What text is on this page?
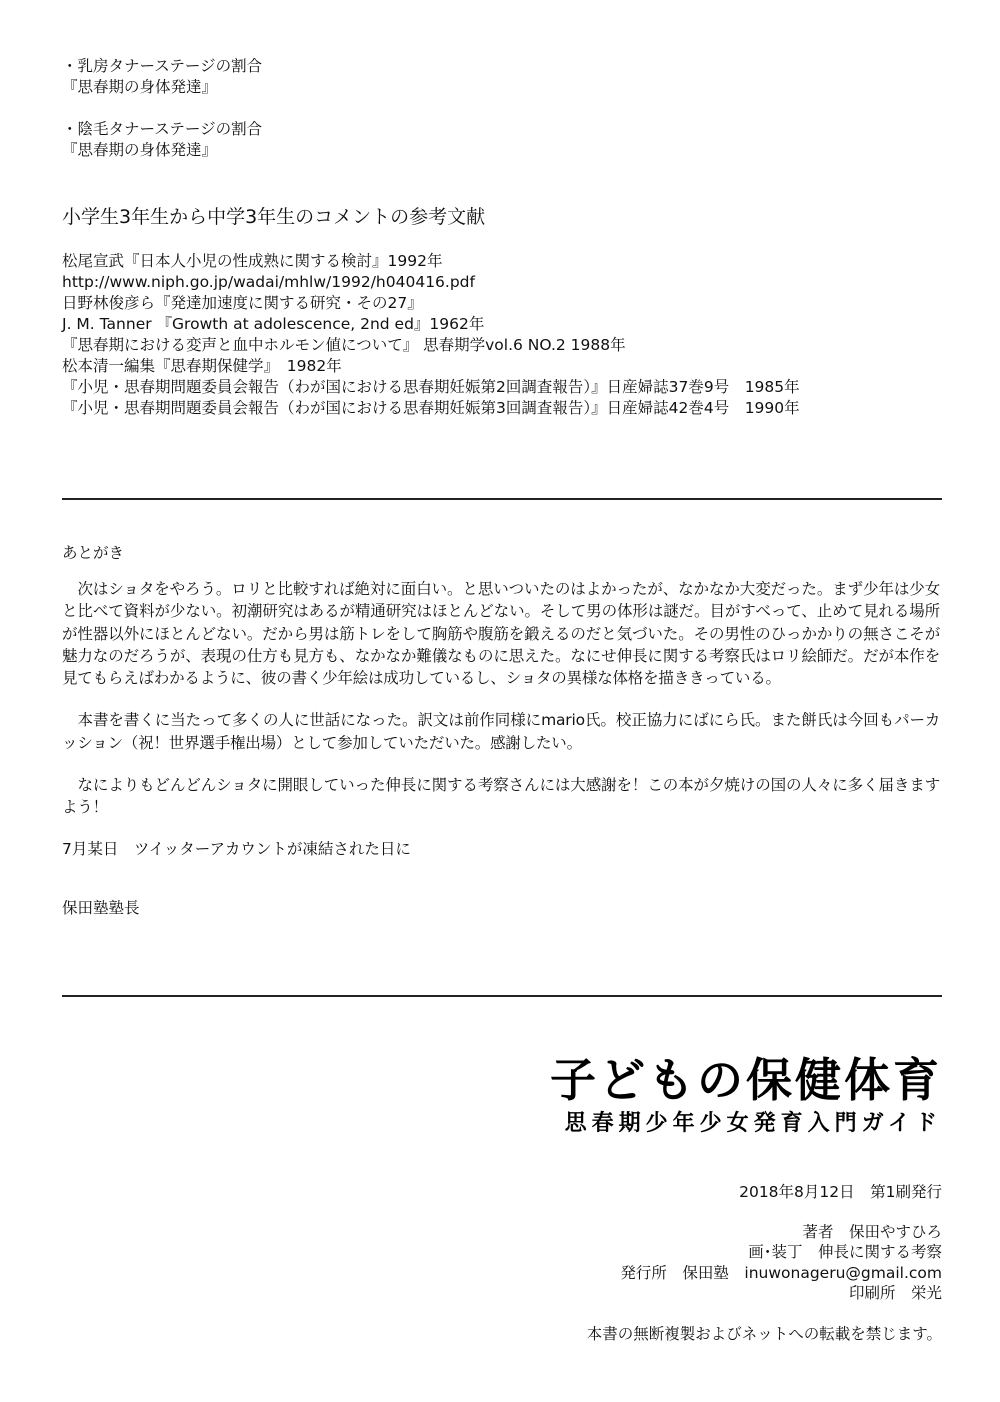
・乳房タナーステージの割合
『思春期の身体発達』
・陰毛タナーステージの割合
『思春期の身体発達』
小学生3年生から中学3年生のコメントの参考文献
松尾宣武『日本人小児の性成熟に関する検討』1992年
http://www.niph.go.jp/wadai/mhlw/1992/h040416.pdf
日野林俊彦ら『発達加速度に関する研究・その27』
J. M. Tanner 『Growth at adolescence, 2nd ed』1962年
『思春期における変声と血中ホルモン値について』 思春期学vol.6 NO.2 1988年
松本清一編集『思春期保健学』　1982年
『小児・思春期問題委員会報告（わが国における思春期妊娠第2回調査報告）』日産婦誌37巻9号　1985年
『小児・思春期問題委員会報告（わが国における思春期妊娠第3回調査報告）』日産婦誌42巻4号　1990年
あとがき

次はショタをやろう。ロリと比較すれば絶対に面白い。と思いついたのはよかったが、なかなか大変だった。まず少年は少女と比べて資料が少ない。初潮研究はあるが精通研究はほとんどない。そして男の体形は謎だ。目がすべって、止めて見れる場所が性器以外にほとんどない。だから男は筋トレをして胸筋や腹筋を鍛えるのだと気づいた。その男性のひっかかりの無さこそが魅力なのだろうが、表現の仕方も見方も、なかなか難儀なものに思えた。なにせ伸長に関する考察氏はロリ絵師だ。だが本作を見てもらえばわかるように、彼の書く少年絵は成功しているし、ショタの異様な体格を描ききっている。

本書を書くに当たって多くの人に世話になった。訳文は前作同様にmario氏。校正協力にばにら氏。また餅氏は今回もパーカッション（祝！世界選手権出場）として参加していただいた。感謝したい。

なによりもどんどんショタに開眼していった伸長に関する考察さんには大感謝を！この本が夕焼けの国の人々に多く届きますよう！

7月某日　ツイッターアカウントが凍結された日に
保田塾塾長
子どもの保健体育
思春期少年少女発育入門ガイド
2018年8月12日　第1刷発行
著者　保田やすひろ
画･装丁　伸長に関する考察
発行所　保田塾　inuwonageru@gmail.com
印刷所　栄光
本書の無断複製およびネットへの転載を禁じます。
